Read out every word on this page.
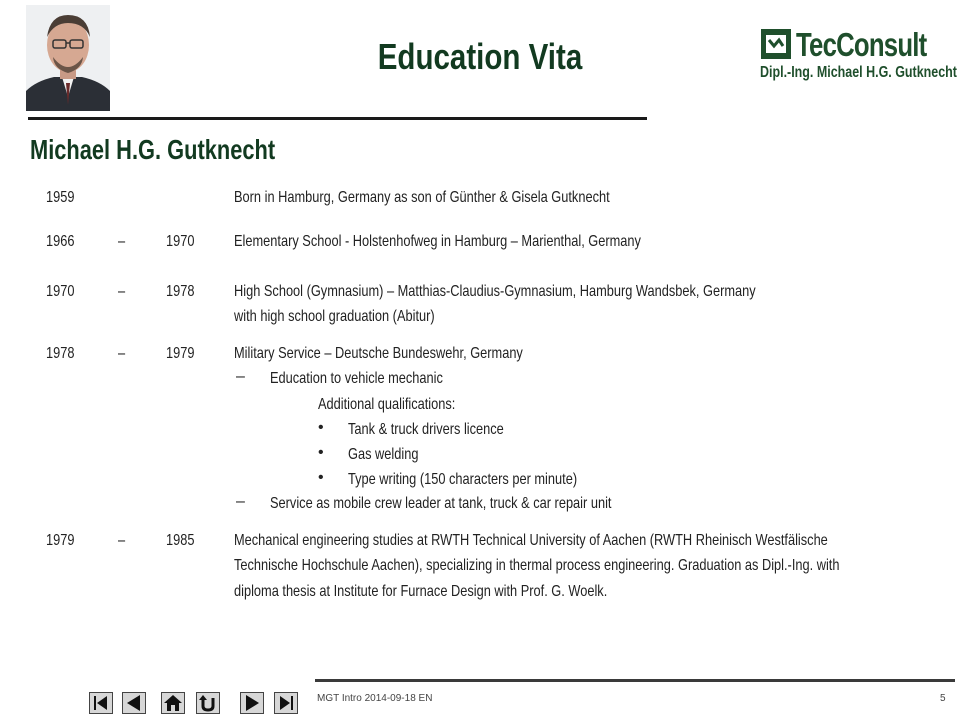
Education Vita	TecConsult
Dipl.-Ing. Michael H.G. Gutknecht
Michael H.G. Gutknecht
1959	Born in Hamburg, Germany as son of Günther & Gisela Gutknecht
1966	–	1970 Elementary School - Holstenhofweg in Hamburg – Marienthal, Germany
1970	–	1978 High School (Gymnasium) – Matthias-Claudius-Gymnasium, Hamburg Wandsbek, Germany
with high school graduation (Abitur)
1978	–	1979 Military Service – Deutsche Bundeswehr, Germany
– Education to vehicle mechanic
Additional qualifications:
• Tank & truck drivers licence
• Gas welding
• Type writing (150 characters per minute)
– Service as mobile crew leader at tank, truck & car repair unit
1979	–	1985 Mechanical engineering studies at RWTH Technical University of Aachen (RWTH Rheinisch Westfälische
Technische Hochschule Aachen), specializing in thermal process engineering. Graduation as Dipl.-Ing. with
diploma thesis at Institute for Furnace Design with Prof. G. Woelk.
MGT Intro 2014-09-18 EN	5
